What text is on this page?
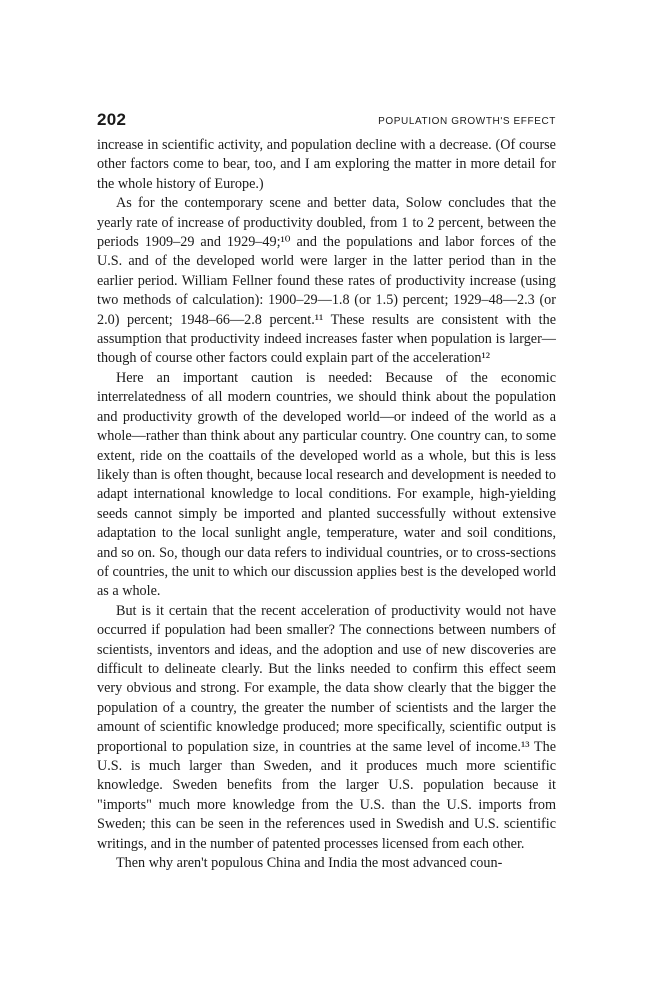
202	POPULATION GROWTH'S EFFECT

increase in scientific activity, and population decline with a decrease. (Of course other factors come to bear, too, and I am exploring the matter in more detail for the whole history of Europe.)

As for the contemporary scene and better data, Solow concludes that the yearly rate of increase of productivity doubled, from 1 to 2 percent, between the periods 1909–29 and 1929–49;¹⁰ and the populations and labor forces of the U.S. and of the developed world were larger in the latter period than in the earlier period. William Fellner found these rates of productivity increase (using two methods of calculation): 1900–29—1.8 (or 1.5) percent; 1929–48—2.3 (or 2.0) percent; 1948–66—2.8 percent.¹¹ These results are consistent with the assumption that productivity indeed increases faster when population is larger—though of course other factors could explain part of the acceleration¹²

Here an important caution is needed: Because of the economic interrelatedness of all modern countries, we should think about the population and productivity growth of the developed world—or indeed of the world as a whole—rather than think about any particular country. One country can, to some extent, ride on the coattails of the developed world as a whole, but this is less likely than is often thought, because local research and development is needed to adapt international knowledge to local conditions. For example, high-yielding seeds cannot simply be imported and planted successfully without extensive adaptation to the local sunlight angle, temperature, water and soil conditions, and so on. So, though our data refers to individual countries, or to cross-sections of countries, the unit to which our discussion applies best is the developed world as a whole.

But is it certain that the recent acceleration of productivity would not have occurred if population had been smaller? The connections between numbers of scientists, inventors and ideas, and the adoption and use of new discoveries are difficult to delineate clearly. But the links needed to confirm this effect seem very obvious and strong. For example, the data show clearly that the bigger the population of a country, the greater the number of scientists and the larger the amount of scientific knowledge produced; more specifically, scientific output is proportional to population size, in countries at the same level of income.¹³ The U.S. is much larger than Sweden, and it produces much more scientific knowledge. Sweden benefits from the larger U.S. population because it "imports" much more knowledge from the U.S. than the U.S. imports from Sweden; this can be seen in the references used in Swedish and U.S. scientific writings, and in the number of patented processes licensed from each other.

Then why aren't populous China and India the most advanced coun-
